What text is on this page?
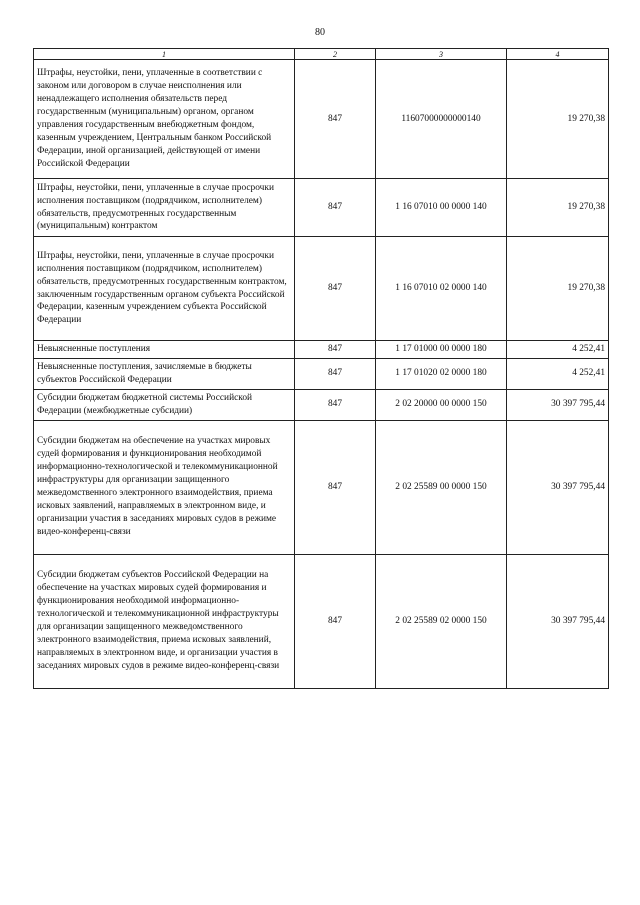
80
1	2	3	4
Штрафы, неустойки, пени, уплаченные в соответствии с законом или договором в случае неисполнения или ненадлежащего исполнения обязательств перед государственным (муниципальным) органом, органом управления государственным внебюджетным фондом, казенным учреждением, Центральным банком Российской Федерации, иной организацией, действующей от имени Российской Федерации	847	11607000000000140	19 270,38
Штрафы, неустойки, пени, уплаченные в случае просрочки исполнения поставщиком (подрядчиком, исполнителем) обязательств, предусмотренных государственным (муниципальным) контрактом	847	1 16 07010 00 0000 140	19 270,38
Штрафы, неустойки, пени, уплаченные в случае просрочки исполнения поставщиком (подрядчиком, исполнителем) обязательств, предусмотренных государственным контрактом, заключенным государственным органом субъекта Российской Федерации, казенным учреждением субъекта Российской Федерации	847	1 16 07010 02 0000 140	19 270,38
Невыясненные поступления	847	1 17 01000 00 0000 180	4 252,41
Невыясненные поступления, зачисляемые в бюджеты субъектов Российской Федерации	847	1 17 01020 02 0000 180	4 252,41
Субсидии бюджетам бюджетной системы Российской Федерации (межбюджетные субсидии)	847	2 02 20000 00 0000 150	30 397 795,44
Субсидии бюджетам на обеспечение на участках мировых судей формирования и функционирования необходимой информационно-технологической и телекоммуникационной инфраструктуры для организации защищенного межведомственного электронного взаимодействия, приема исковых заявлений, направляемых в электронном виде, и организации участия в заседаниях мировых судов в режиме видео-конференц-связи	847	2 02 25589 00 0000 150	30 397 795,44
Субсидии бюджетам субъектов Российской Федерации на обеспечение на участках мировых судей формирования и функционирования необходимой информационно-технологической и телекоммуникационной инфраструктуры для организации защищенного межведомственного электронного взаимодействия, приема исковых заявлений, направляемых в электронном виде, и организации участия в заседаниях мировых судов в режиме видео-конференц-связи	847	2 02 25589 02 0000 150	30 397 795,44
